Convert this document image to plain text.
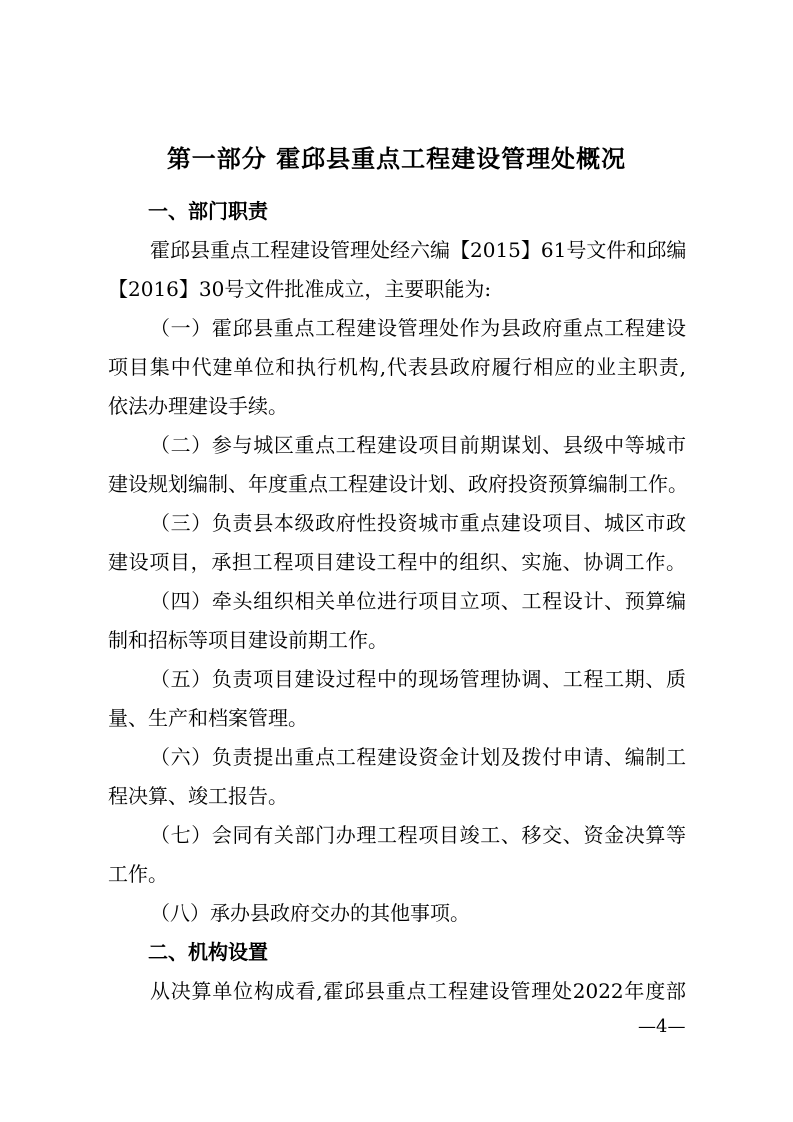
第一部分 霍邱县重点工程建设管理处概况
一、部门职责
霍邱县重点工程建设管理处经六编【2015】61号文件和邱编
【2016】30号文件批准成立，主要职能为:
（一）霍邱县重点工程建设管理处作为县政府重点工程建设
项目集中代建单位和执行机构,代表县政府履行相应的业主职责,
依法办理建设手续。
（二）参与城区重点工程建设项目前期谋划、县级中等城市
建设规划编制、年度重点工程建设计划、政府投资预算编制工作。
（三）负责县本级政府性投资城市重点建设项目、城区市政
建设项目，承担工程项目建设工程中的组织、实施、协调工作。
（四）牵头组织相关单位进行项目立项、工程设计、预算编
制和招标等项目建设前期工作。
（五）负责项目建设过程中的现场管理协调、工程工期、质
量、生产和档案管理。
（六）负责提出重点工程建设资金计划及拨付申请、编制工
程决算、竣工报告。
（七）会同有关部门办理工程项目竣工、移交、资金决算等
工作。
（八）承办县政府交办的其他事项。
二、机构设置
从决算单位构成看,霍邱县重点工程建设管理处2022年度部
—4—
